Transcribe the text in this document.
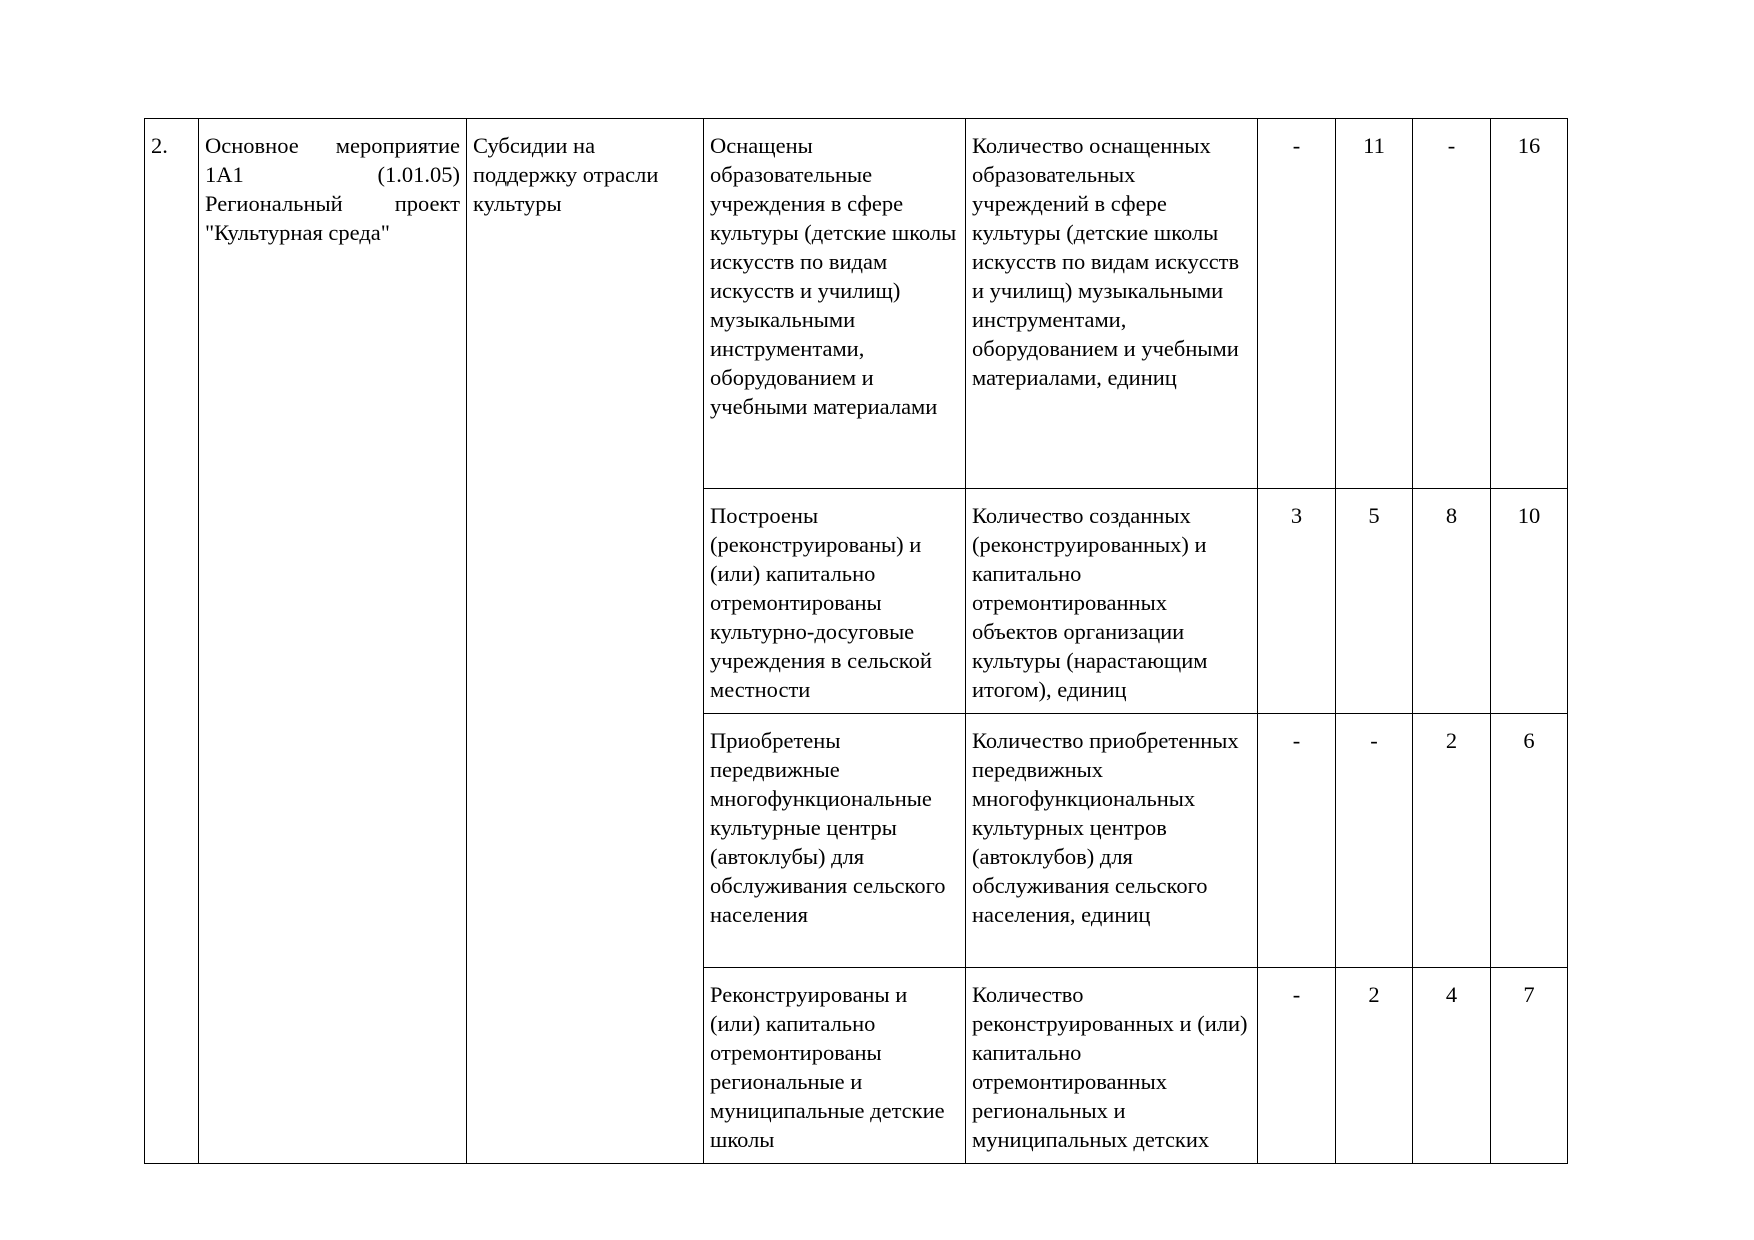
2.	Основное мероприятие
1А1 (1.01.05)
Региональный проект
"Культурная среда"	Субсидии на поддержку отрасли культуры	Оснащены образовательные учреждения в сфере культуры (детские школы искусств по видам искусств и училищ) музыкальными инструментами, оборудованием и учебными материалами	Количество оснащенных образовательных учреждений в сфере культуры (детские школы искусств по видам искусств и училищ) музыкальными инструментами, оборудованием и учебными материалами, единиц	-	11	-	16
			Построены (реконструированы) и (или) капитально отремонтированы культурно-досуговые учреждения в сельской местности	Количество созданных (реконструированных) и капитально отремонтированных объектов организации культуры (нарастающим итогом), единиц	3	5	8	10
			Приобретены передвижные многофункциональные культурные центры (автоклубы) для обслуживания сельского населения	Количество приобретенных передвижных многофункциональных культурных центров (автоклубов) для обслуживания сельского населения, единиц	-	-	2	6
			Реконструированы и (или) капитально отремонтированы региональные и муниципальные детские школы	Количество реконструированных и (или) капитально отремонтированных региональных и муниципальных детских	-	2	4	7
